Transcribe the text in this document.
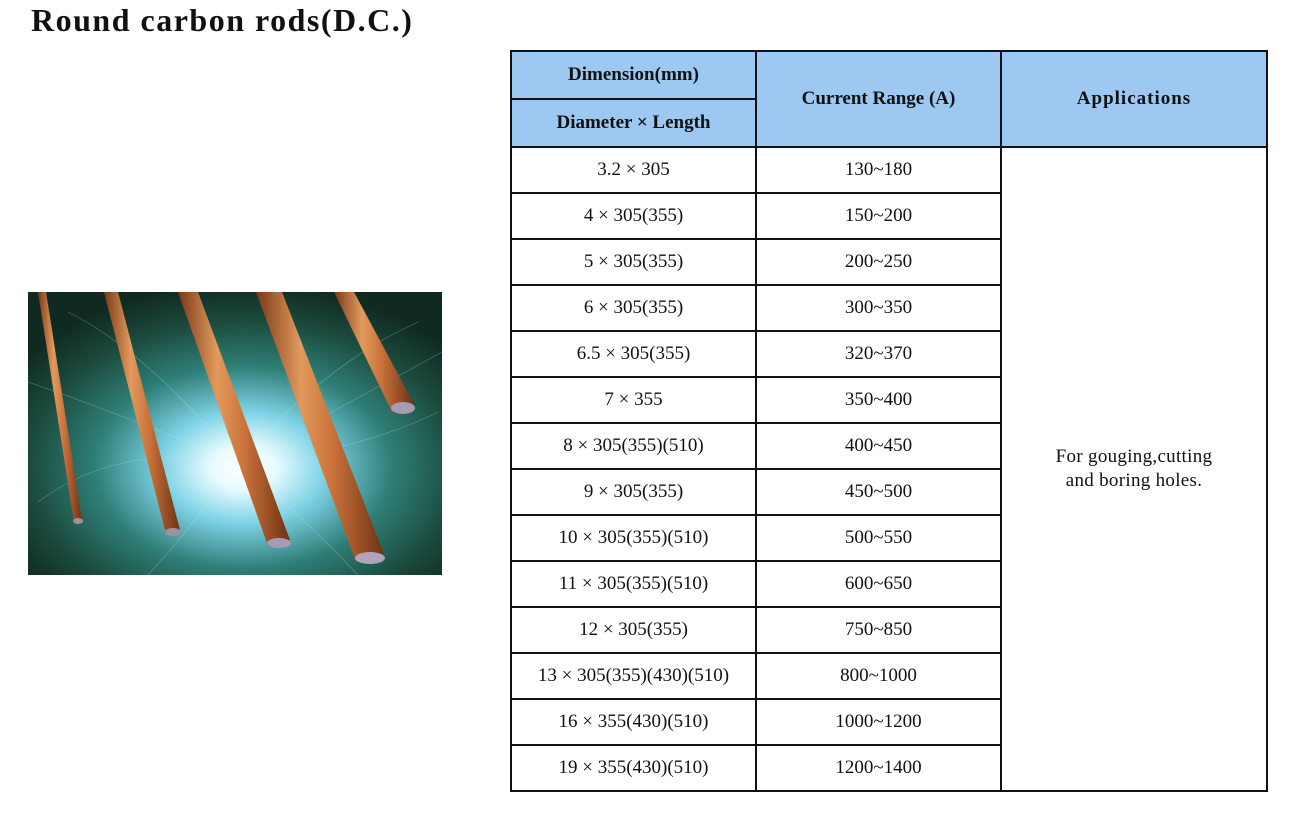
Round carbon rods(D.C.)
Dimension(mm)	Current Range (A)	Applications
Diameter × Length		
3.2 × 305	130~180	For gouging,cutting
and boring holes.

4 × 305(355)	150~200	
5 × 305(355)	200~250	
6 × 305(355)	300~350	
6.5 × 305(355)	320~370	
7 × 355	350~400	
8 × 305(355)(510)	400~450	
9 × 305(355)	450~500	
10 × 305(355)(510)	500~550	
11 × 305(355)(510)	600~650	
12 × 305(355)	750~850	
13 × 305(355)(430)(510)	800~1000	
16 × 355(430)(510)	1000~1200	
19 × 355(430)(510)	1200~1400	
